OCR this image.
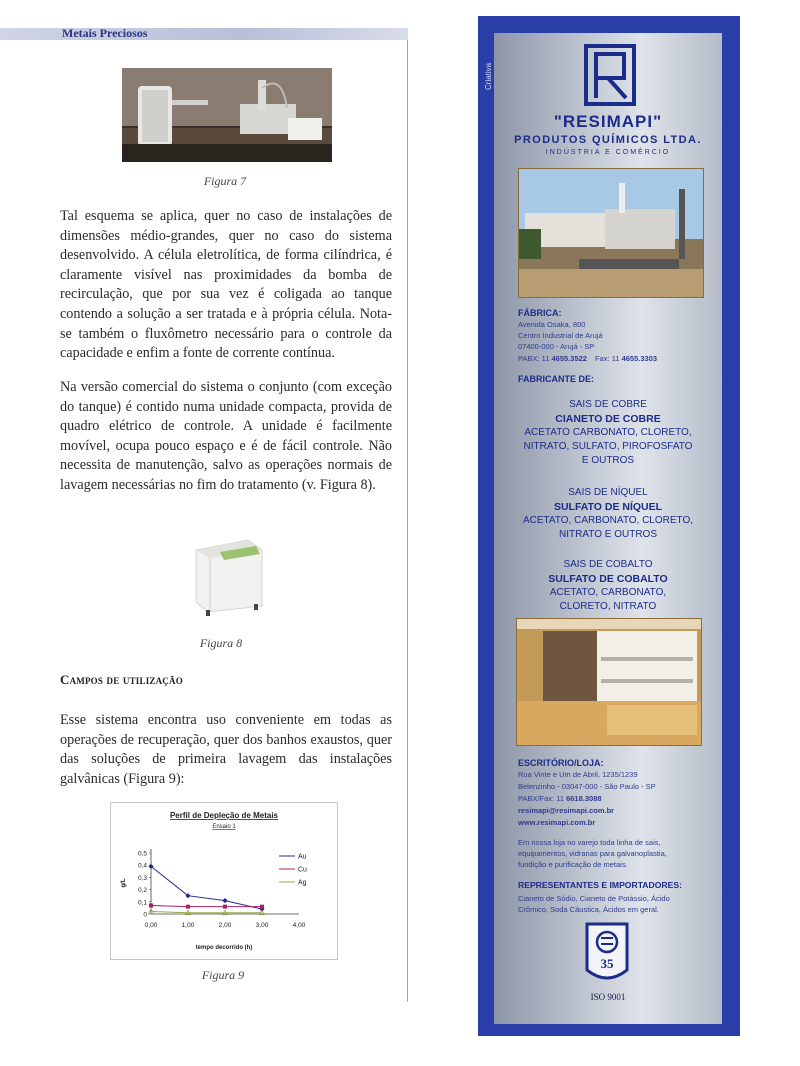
Metais Preciosos
Figura 7

Tal esquema se aplica, quer no caso de instalações de dimensões médio-grandes, quer no caso do sistema desenvolvido. A célula eletrolítica, de forma cilíndrica, é claramente visível nas proximidades da bomba de recirculação, que por sua vez é coligada ao tanque contendo a solução a ser tratada e à própria célula. Nota-se também o fluxômetro necessário para o controle da capacidade e enfim a fonte de corrente contínua.

Na versão comercial do sistema o conjunto (com exceção do tanque) é contido numa unidade compacta, provida de quadro elétrico de controle. A unidade é facilmente movível, ocupa pouco espaço e é de fácil controle. Não necessita de manutenção, salvo as operações normais de lavagem necessárias no fim do tratamento (v. Figura 8).

Figura 8
Campos de utilização

Esse sistema encontra uso conveniente em todas as operações de recuperação, quer dos banhos exaustos, quer das soluções de primeira lavagem das instalações galvânicas (Figura 9):

Perfil de Depleção de Metais
Ensaio 1
0
0,1
0,2
0,3
0,4
0,5
0,00	1,00	2,00	3,00	4,00
g/L
tempo decorrido (h)
Au
Cu
Ag
Figura 9
Criativa
"RESIMAPI"
PRODUTOS QUÍMICOS LTDA.
INDÚSTRIA E COMÉRCIO
FÁBRICA:
Avenida Osaka, 800
Centro Industrial de Arujá
07400-000 - Arujá - SP
PABX: 11 4655.3522 Fax: 11 4655.3303
FABRICANTE DE:
SAIS DE COBRE
CIANETO DE COBRE
ACETATO CARBONATO, CLORETO,
NITRATO, SULFATO, PIROFOSFATO
E OUTROS
SAIS DE NÍQUEL
SULFATO DE NÍQUEL
ACETATO, CARBONATO, CLORETO,
NITRATO E OUTROS
SAIS DE COBALTO
SULFATO DE COBALTO
ACETATO, CARBONATO,
CLORETO, NITRATO
ESCRITÓRIO/LOJA:
Rua Vinte e Um de Abril, 1235/1239
Belenzinho - 03047-000 - São Paulo - SP
PABX/Fax: 11 6618.3088
resimapi@resimapi.com.br
www.resimapi.com.br
Em nossa loja no varejo toda linha de sais,
equipamentos, vidrarias para galvanoplastia,
fundição e purificação de metais.
REPRESENTANTES E IMPORTADORES:
Cianeto de Sódio, Cianeto de Potássio, Ácido
Crômico, Soda Cáustica, Ácidos em geral.
35
ISO 9001
